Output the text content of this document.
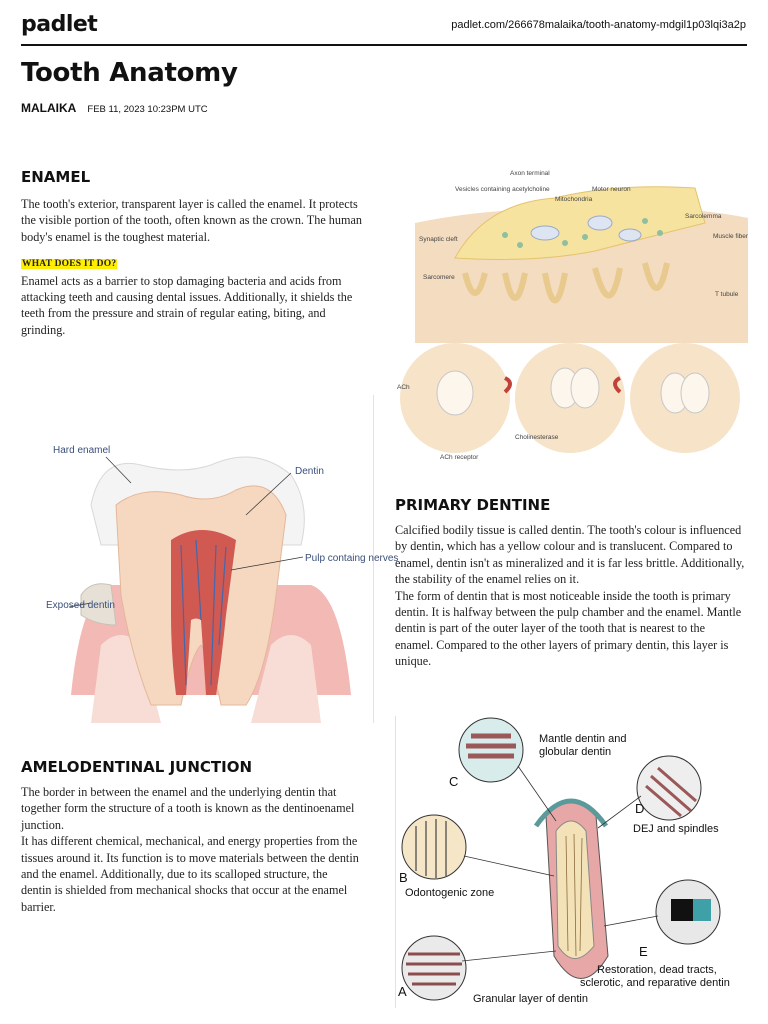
padlet	padlet.com/266678malaika/tooth-anatomy-mdgil1p03lqi3a2p
Tooth Anatomy
MALAIKA FEB 11, 2023 10:23PM UTC
ENAMEL

The tooth's exterior, transparent layer is called the enamel. It protects the visible portion of the tooth, often known as the crown. The human body's enamel is the toughest material.

WHAT DOES IT DO?

Enamel acts as a barrier to stop damaging bacteria and acids from attacking teeth and causing dental issues. Additionally, it shields the teeth from the pressure and strain of regular eating, biting, and grinding.

Axon terminal
Vesicles containing acetylcholine	Motor neuron
Mitochondria
Sarcolemma
Synaptic cleft	Muscle fiber
Sarcomere
T tubule
ACh
Cholinesterase
ACh receptor
Hard enamel
Dentin
Pulp containg nerves
Exposed dentin
PRIMARY DENTINE

Calcified bodily tissue is called dentin. The tooth's colour is influenced by dentin, which has a yellow colour and is translucent. Compared to enamel, dentin isn't as mineralized and it is far less brittle. Additionally, the stability of the enamel relies on it.

The form of dentin that is most noticeable inside the tooth is primary dentin. It is halfway between the pulp chamber and the enamel. Mantle dentin is part of the outer layer of the tooth that is nearest to the enamel. Compared to the other layers of primary dentin, this layer is unique.

AMELODENTINAL JUNCTION

The border in between the enamel and the underlying dentin that together form the structure of a tooth is known as the dentinoenamel junction.

It has different chemical, mechanical, and energy properties from the tissues around it. Its function is to move materials between the dentin and the enamel. Additionally, due to its scalloped structure, the dentin is shielded from mechanical shocks that occur at the enamel barrier.

Mantle dentin and
globular dentin
C
D
DEJ and spindles
B
Odontogenic zone
E
Restoration, dead tracts,
sclerotic, and reparative dentin
A	Granular layer of dentin
